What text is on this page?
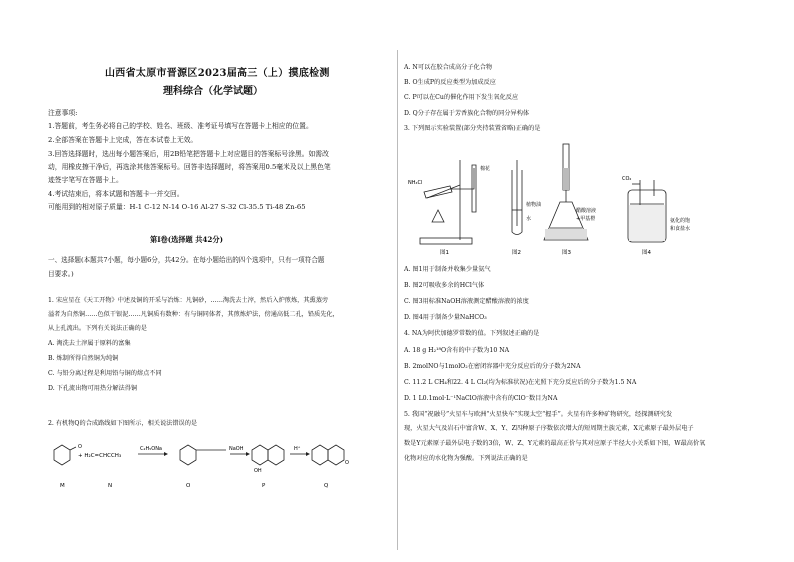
山西省太原市晋源区2023届高三（上）摸底检测
理科综合（化学试题）
注意事项:
1.答题前，考生务必将自己的学校、姓名、班级、准考证号填写在答题卡上相应的位置。
2.全部答案在答题卡上完成，答在本试卷上无效。
3.回答选择题时，选出每小题答案后，用2B铅笔把答题卡上对应题目的答案标号涂黑。如需改
动，用橡皮擦干净后，再选涂其他答案标号。回答非选择题时，将答案用0.5毫米及以上黑色笔
迹签字笔写在答题卡上。
4.考试结束后，将本试题和答题卡一并交回。
可能用到的相对原子质量：H-1 C-12 N-14 O-16 Al-27 S-32 Cl-35.5 Ti-48 Zn-65
第Ⅰ卷(选择题 共42分)
一、选择题(本题共7小题，每小题6分，共42分。在每小题给出的四个选项中，只有一项符合题
目要求。)
1. 宋应星在《天工开物》中述及铜的开采与冶炼：凡铜砂，……淘洗去土滓，然后入炉煎炼，其熏蒸旁
溢者为自然铜……色似干银泥……凡铜质有数种：有与铜同体者，其煎炼炉法，傍通高低二孔，铅质先化，
从上孔流出。下列有关说法正确的是
A. 淘洗去土滓属于原料的富集
B. 炼制所得自然铜为纯铜
C. 与铅分离过程是利用铅与铜的熔点不同
D. 下孔流出物可用热分解法得铜
2. 有机物Q的合成路线如下图所示，相关说法错误的是
O
OH
O
+ H₂C=CHCCH₃
C₂H₅ONa	NaOH	H⁺
M	N	O	P	Q
A. N可以在胶合成高分子化合物
B. O生成P的反应类型为加成反应
C. P可以在Cu的催化作用下发生氧化反应
D. Q分子存在属于芳香族化合物的同分异构体
3. 下列图示实验装置(部分夹持装置省略)正确的是
NH₄Cl
棉花
植物油
水
醋酸溶液
+甲基橙
CO₂
氨化的饱
和食盐水
图1	图2	图3	图4
A. 图1用于制备并收集少量氨气
B. 图2可吸收多余的HCl气体
C. 图3用标准NaOH溶液测定醋酸溶液的浓度
D. 图4用于制备少量NaHCO₃
4. NA为阿伏加德罗常数的值。下列叙述正确的是
A. 18 g H₂¹⁸O含有的中子数为10 NA
B. 2molNO与1molO₂在密闭容器中充分反应后的分子数为2NA
C. 11.2 L CH₄和22. 4 L Cl₂(均为标准状况)在光照下充分反应后的分子数为1.5 NA
D. 1 L0.1mol·L⁻¹NaClO溶液中含有的ClO⁻数目为NA
5. 我国“祝融号”火星车与欧洲“火星快车”实现太空“握手”。火星有许多种矿物研究，经探测研究发
现，火星大气及岩石中富含W、X、Y、Z四种原子序数依次增大的短周期主族元素，X元素原子最外层电子
数是Y元素原子最外层电子数的3倍，W、Z、Y元素的最高正价与其对应原子半径大小关系如下图，W最高价氧
化物对应的水化物为强酸。下列说法正确的是
